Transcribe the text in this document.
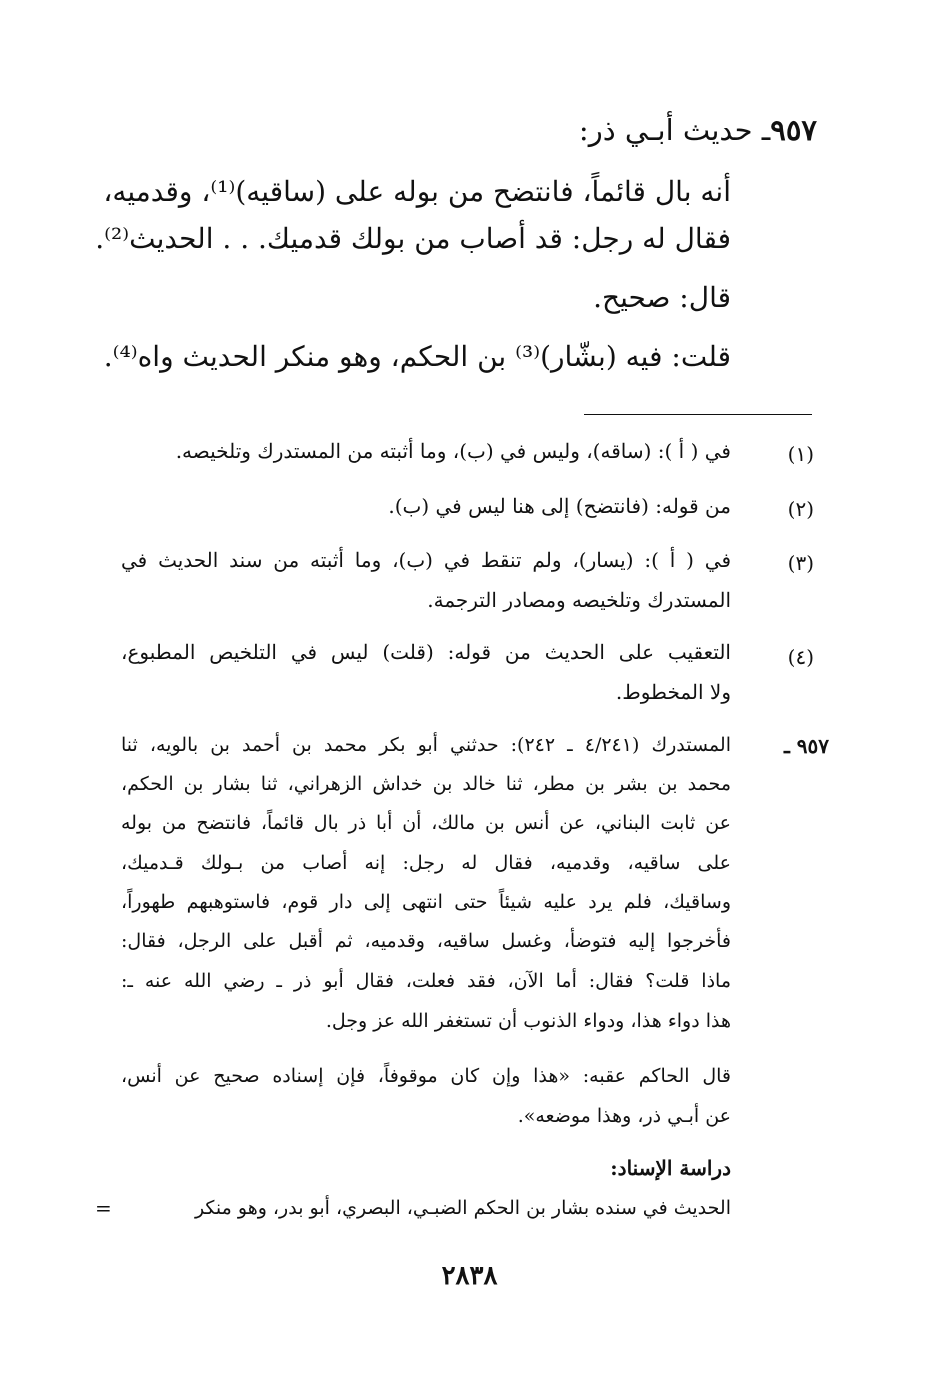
٩٥٧ـ حديث أبـي ذر:
أنه بال قائماً، فانتضح من بوله على (ساقيه)⁽¹⁾، وقدميه،
فقال له رجل: قد أصاب من بولك قدميك. . . الحديث⁽²⁾.
قال: صحيح.
قلت: فيه (بشّار)⁽³⁾ بن الحكم، وهو منكر الحديث واه⁽⁴⁾.
(١)
في ( أ ): (ساقه)، وليس في (ب)، وما أثبته من المستدرك وتلخيصه.
(٢)
من قوله: (فانتضح) إلى هنا ليس في (ب).
(٣)
في ( أ ): (يسار)، ولم تنقط في (ب)، وما أثبته من سند الحديث في
المستدرك وتلخيصه ومصادر الترجمة.
(٤)
التعقيب على الحديث من قوله: (قلت) ليس في التلخيص المطبوع،
ولا المخطوط.
٩٥٧ ـ
المستدرك (٤/٢٤١ ـ ٢٤٢): حدثني أبو بكر محمد بن أحمد بن بالويه، ثنا
محمد بن بشر بن مطر، ثنا خالد بن خداش الزهراني، ثنا بشار بن الحكم،
عن ثابت البناني، عن أنس بن مالك، أن أبا ذر بال قائماً، فانتضح من بوله
على ساقيه، وقدميه، فقال له رجل: إنه أصاب من بـولك قـدميك،
وساقيك، فلم يرد عليه شيئاً حتى انتهى إلى دار قوم، فاستوهبهم طهوراً،
فأخرجوا إليه فتوضأ، وغسل ساقيه، وقدميه، ثم أقبل على الرجل، فقال:
ماذا قلت؟ فقال: أما الآن، فقد فعلت، فقال أبو ذر ـ رضي الله عنه ـ:
هذا دواء هذا، ودواء الذنوب أن تستغفر الله عز وجل.
قال الحاكم عقبه: «هذا وإن كان موقوفاً، فإن إسناده صحيح عن أنس،
عن أبـي ذر، وهذا موضعه».
دراسة الإسناد:
الحديث في سنده بشار بن الحكم الضبـي، البصري، أبو بدر، وهو منكر
=
٢٨٣٨
